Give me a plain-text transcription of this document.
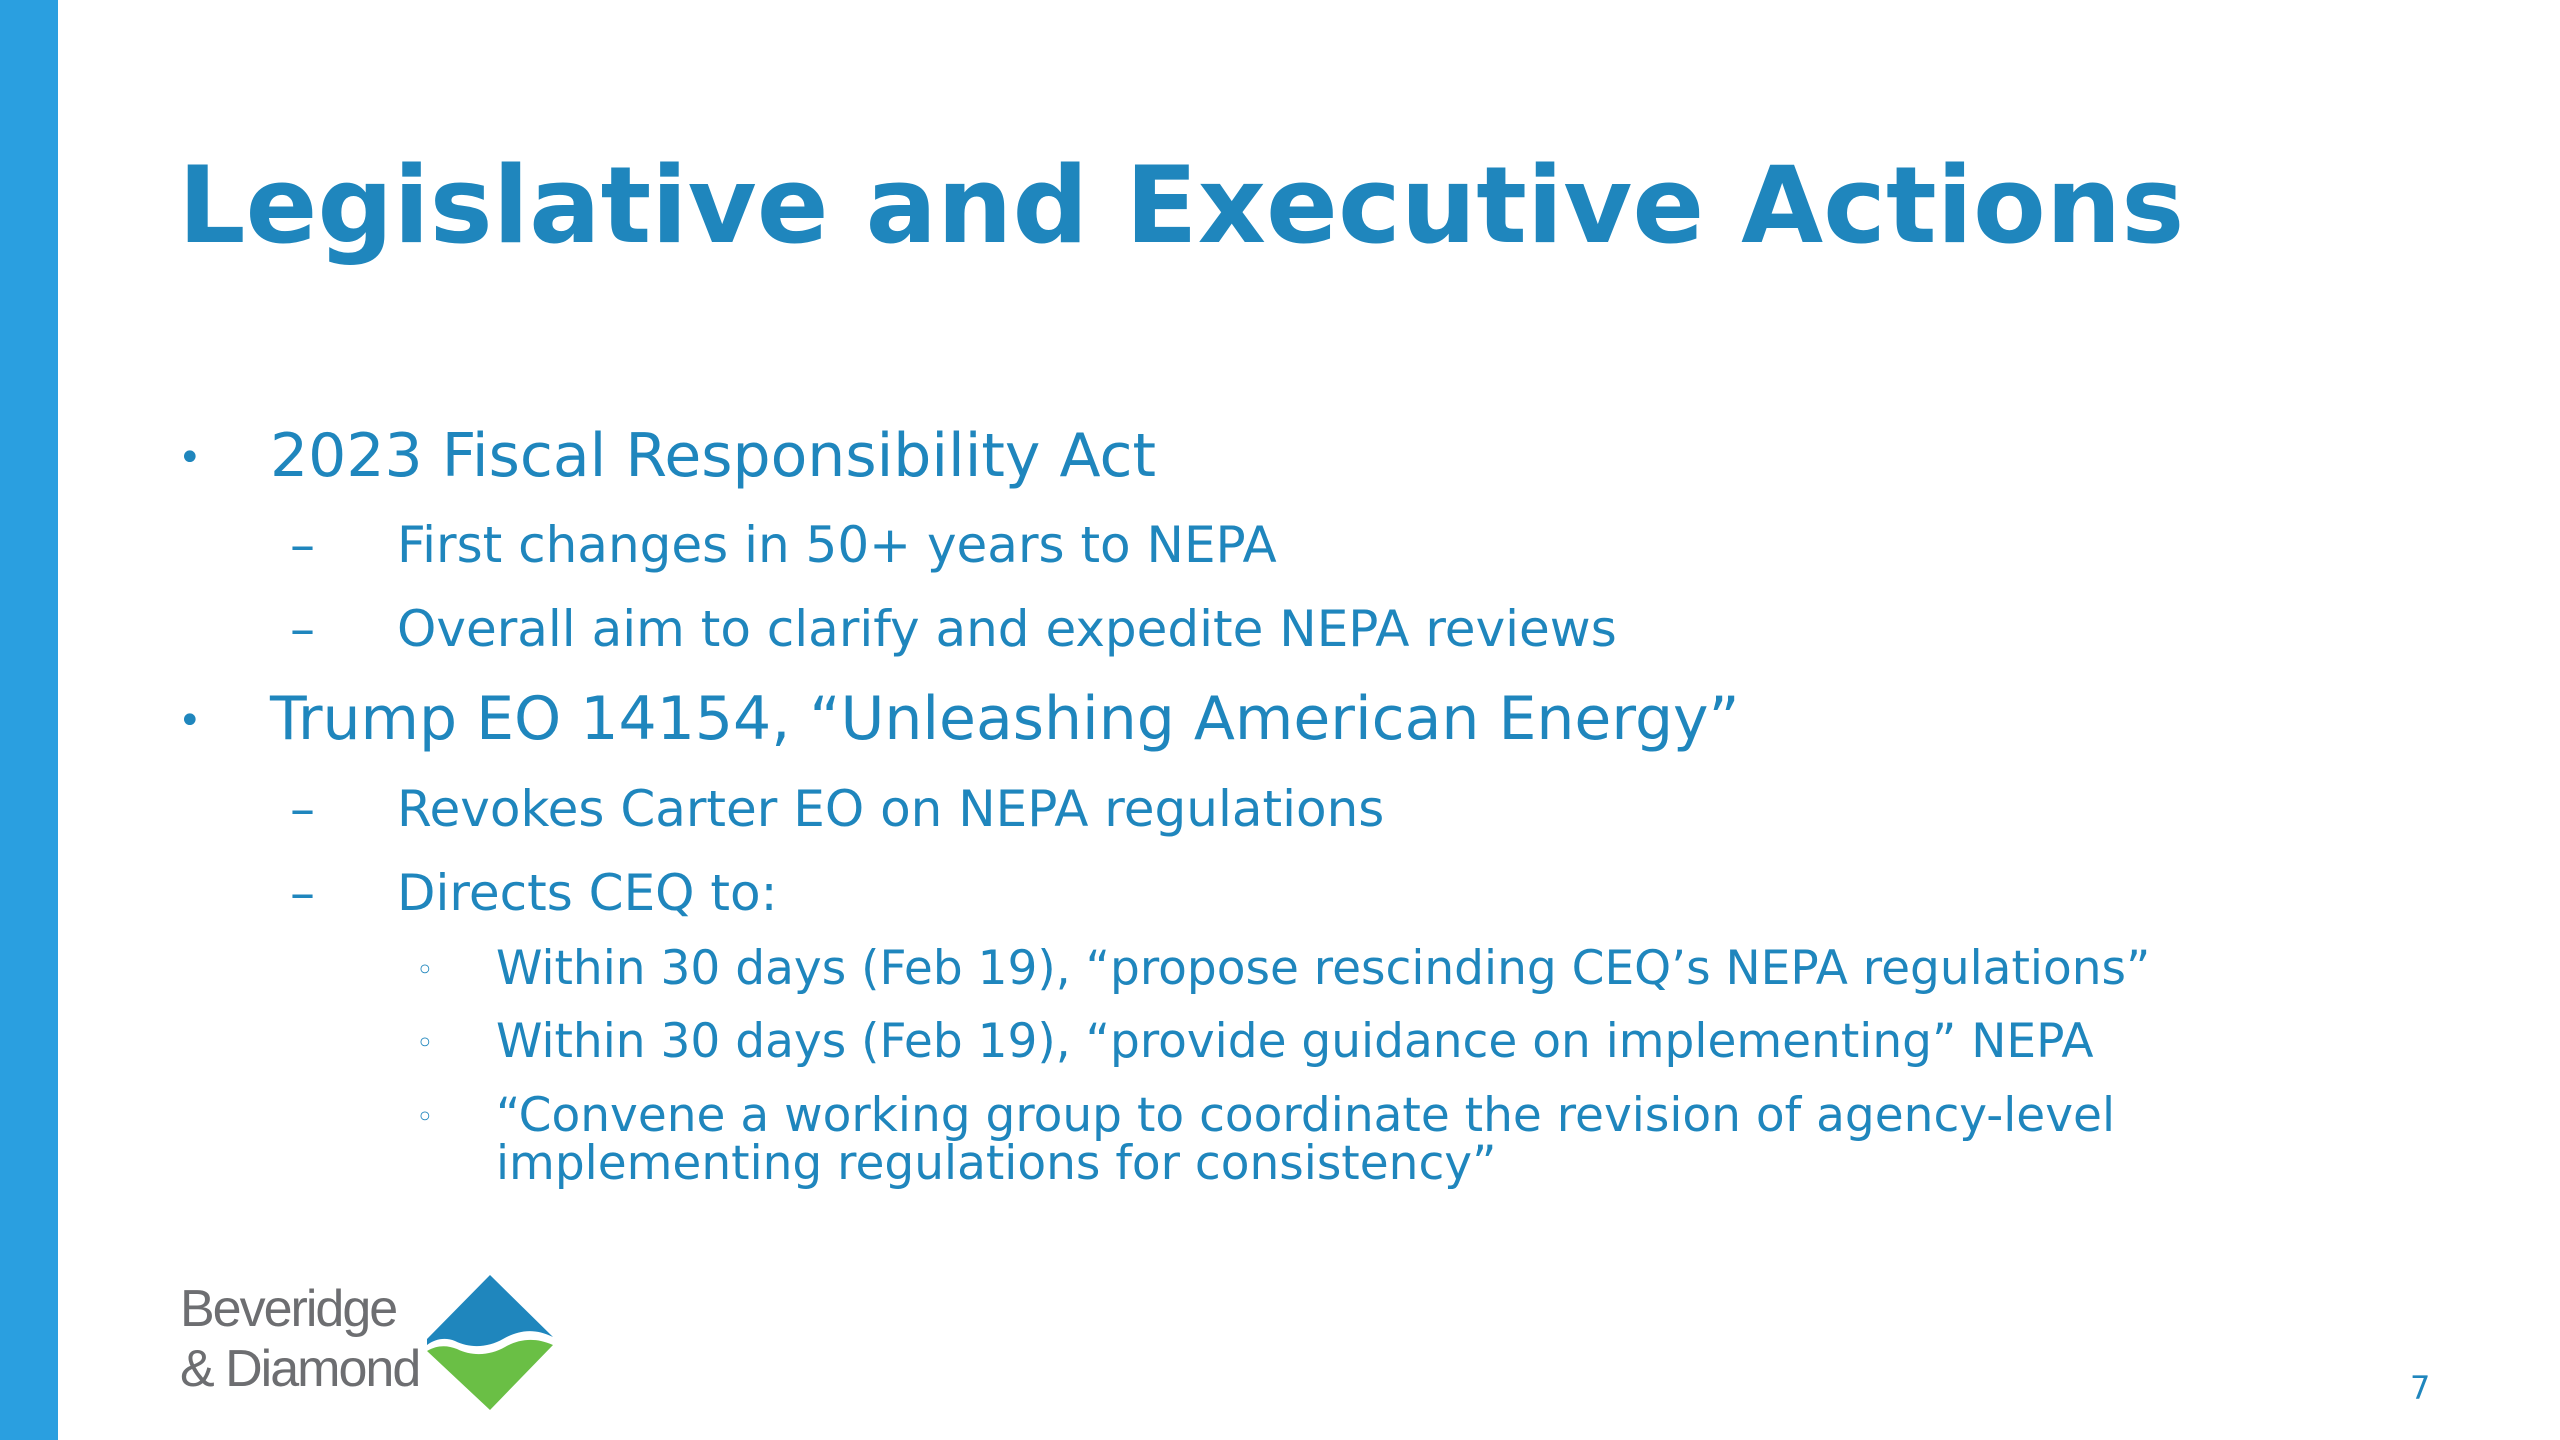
Legislative and Executive Actions
• 2023 Fiscal Responsibility Act
– First changes in 50+ years to NEPA
– Overall aim to clarify and expedite NEPA reviews
• Trump EO 14154, “Unleashing American Energy”
– Revokes Carter EO on NEPA regulations
– Directs CEQ to:
◦ Within 30 days (Feb 19), “propose rescinding CEQ’s NEPA regulations”
◦ Within 30 days (Feb 19), “provide guidance on implementing” NEPA
◦ “Convene a working group to coordinate the revision of agency-level
implementing regulations for consistency”
Beveridge
& Diamond	7
